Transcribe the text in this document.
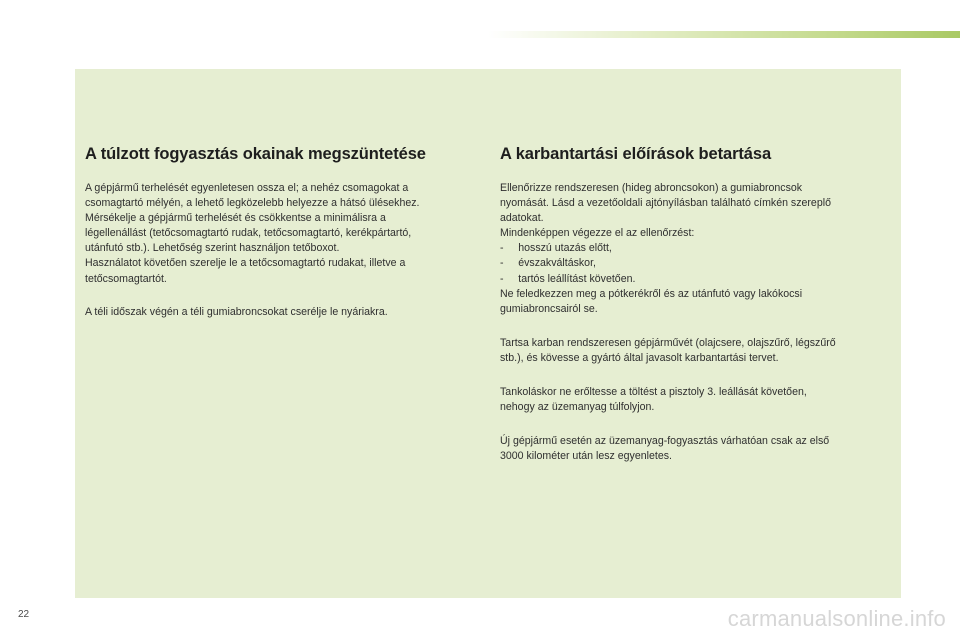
A túlzott fogyasztás okainak megszüntetése

A gépjármű terhelését egyenletesen ossza el; a nehéz csomagokat a
csomagtartó mélyén, a lehető legközelebb helyezze a hátsó ülésekhez.
Mérsékelje a gépjármű terhelését és csökkentse a minimálisra a
légellenállást (tetőcsomagtartó rudak, tetőcsomagtartó, kerékpártartó,
utánfutó stb.). Lehetőség szerint használjon tetőboxot.
Használatot követően szerelje le a tetőcsomagtartó rudakat, illetve a
tetőcsomagtartót.

A téli időszak végén a téli gumiabroncsokat cserélje le nyáriakra.

A karbantartási előírások betartása

Ellenőrizze rendszeresen (hideg abroncsokon) a gumiabroncsok
nyomását. Lásd a vezetőoldali ajtónyílásban található címkén szereplő
adatokat.
Mindenképpen végezze el az ellenőrzést:
-     hosszú utazás előtt,
-     évszakváltáskor,
-     tartós leállítást követően.
Ne feledkezzen meg a pótkerékről és az utánfutó vagy lakókocsi
gumiabroncsairól se.

Tartsa karban rendszeresen gépjárművét (olajcsere, olajszűrő, légszűrő
stb.), és kövesse a gyártó által javasolt karbantartási tervet.

Tankoláskor ne erőltesse a töltést a pisztoly 3. leállását követően,
nehogy az üzemanyag túlfolyjon.

Új gépjármű esetén az üzemanyag-fogyasztás várhatóan csak az első
3000 kilométer után lesz egyenletes.

22	carmanualsonline.info
